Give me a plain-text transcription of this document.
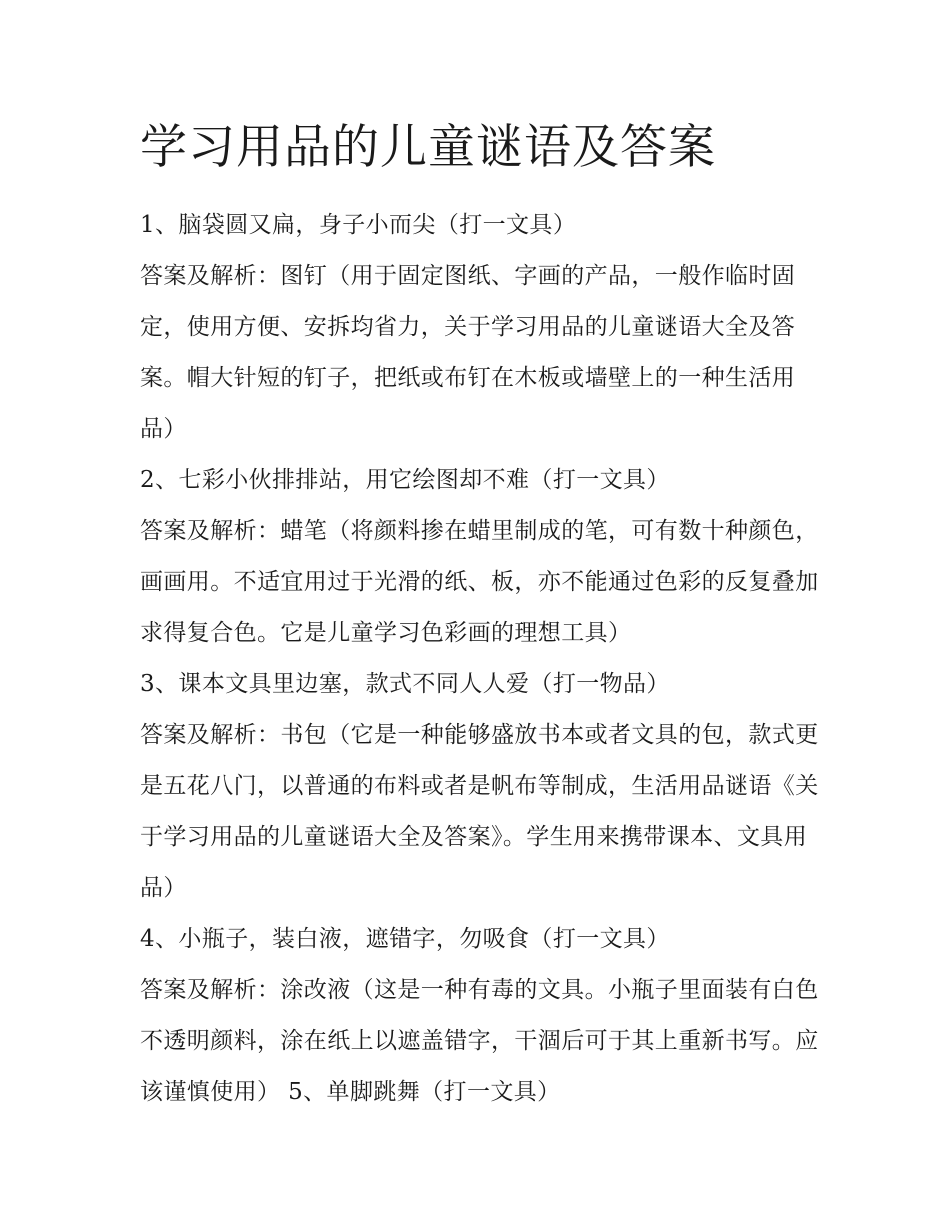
学习用品的儿童谜语及答案

1、脑袋圆又扁，身子小而尖（打一文具）

答案及解析：图钉（用于固定图纸、字画的产品，一般作临时固定，使用方便、安拆均省力，关于学习用品的儿童谜语大全及答案。帽大针短的钉子，把纸或布钉在木板或墙壁上的一种生活用品）

2、七彩小伙排排站，用它绘图却不难（打一文具）

答案及解析：蜡笔（将颜料掺在蜡里制成的笔，可有数十种颜色，画画用。不适宜用过于光滑的纸、板，亦不能通过色彩的反复叠加求得复合色。它是儿童学习色彩画的理想工具）

3、课本文具里边塞，款式不同人人爱（打一物品）

答案及解析：书包（它是一种能够盛放书本或者文具的包，款式更是五花八门，以普通的布料或者是帆布等制成，生活用品谜语《关于学习用品的儿童谜语大全及答案》。学生用来携带课本、文具用品）

4、小瓶子，装白液，遮错字，勿吸食（打一文具）

答案及解析：涂改液（这是一种有毒的文具。小瓶子里面装有白色不透明颜料，涂在纸上以遮盖错字，干涸后可于其上重新书写。应该谨慎使用） 5、单脚跳舞（打一文具）
